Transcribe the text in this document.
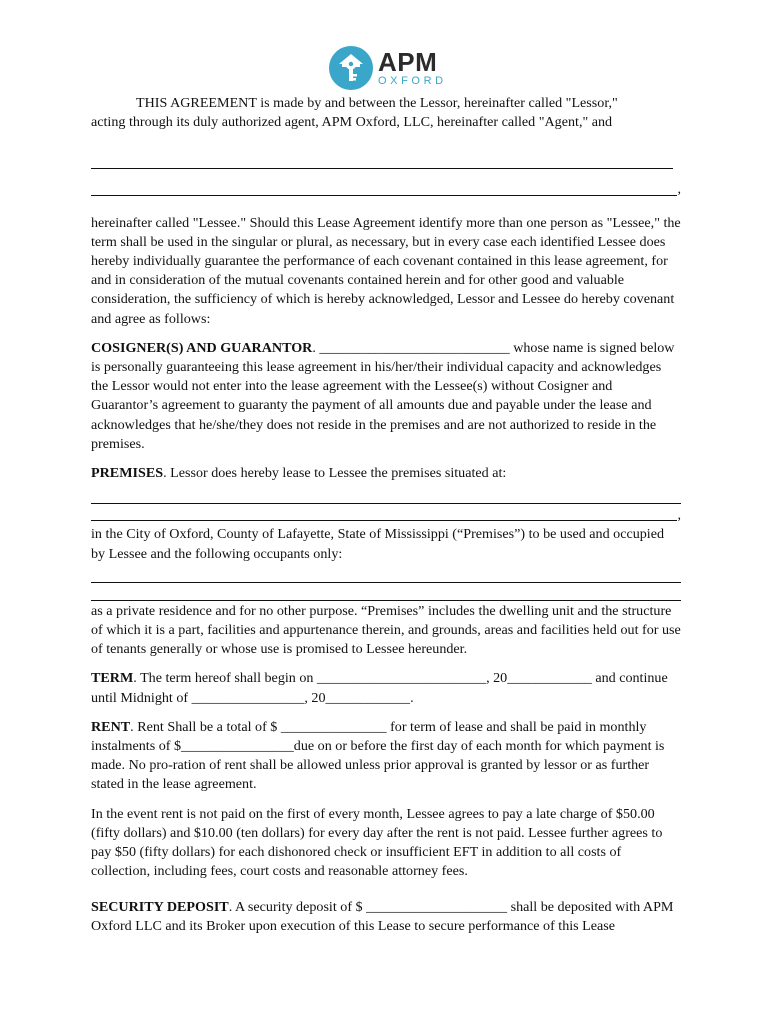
APM
OXFORD

THIS AGREEMENT is made by and between the Lessor, hereinafter called "Lessor,"

acting through its duly authorized agent, APM Oxford, LLC, hereinafter called "Agent," and

,

hereinafter called "Lessee." Should this Lease Agreement identify more than one person as "Lessee," the term shall be used in the singular or plural, as necessary, but in every case each identified Lessee does hereby individually guarantee the performance of each covenant contained in this lease agreement, for and in consideration of the mutual covenants contained herein and for other good and valuable consideration, the sufficiency of which is hereby acknowledged, Lessor and Lessee do hereby covenant and agree as follows:

COSIGNER(S) AND GUARANTOR. ___________________________ whose name is signed below is personally guaranteeing this lease agreement in his/her/their individual capacity and acknowledges the Lessor would not enter into the lease agreement with the Lessee(s) without Cosigner and Guarantor’s agreement to guaranty the payment of all amounts due and payable under the lease and acknowledges that he/she/they does not reside in the premises and are not authorized to reside in the premises.

PREMISES. Lessor does hereby lease to Lessee the premises situated at:

,

in the City of Oxford, County of Lafayette, State of Mississippi (“Premises”) to be used and occupied by Lessee and the following occupants only:

as a private residence and for no other purpose. “Premises” includes the dwelling unit and the structure of which it is a part, facilities and appurtenance therein, and grounds, areas and facilities held out for use of tenants generally or whose use is promised to Lessee hereunder.

TERM. The term hereof shall begin on ________________________, 20____________ and continue until Midnight of ________________, 20____________.

RENT. Rent Shall be a total of $ _______________ for term of lease and shall be paid in monthly instalments of $________________due on or before the first day of each month for which payment is made. No pro-ration of rent shall be allowed unless prior approval is granted by lessor or as further stated in the lease agreement.

In the event rent is not paid on the first of every month, Lessee agrees to pay a late charge of $50.00 (fifty dollars) and $10.00 (ten dollars) for every day after the rent is not paid. Lessee further agrees to pay $50 (fifty dollars) for each dishonored check or insufficient EFT in addition to all costs of collection, including fees, court costs and reasonable attorney fees.

SECURITY DEPOSIT. A security deposit of $ ____________________ shall be deposited with APM Oxford LLC and its Broker upon execution of this Lease to secure performance of this Lease
